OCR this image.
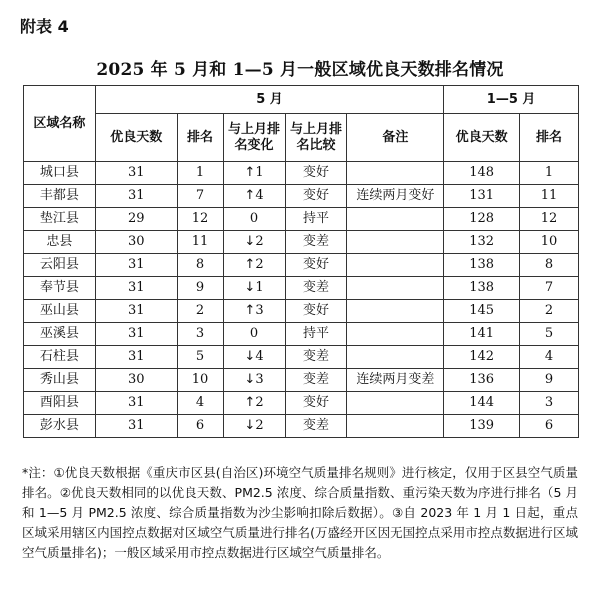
附表 4
2025 年 5 月和 1—5 月一般区域优良天数排名情况
区域名称	5 月					1—5 月	
	优良天数	排名	与上月排名变化	与上月排名比较	备注	优良天数	排名
城口县	31	1	↑1	变好		148	1
丰都县	31	7	↑4	变好	连续两月变好	131	11
垫江县	29	12	0	持平		128	12
忠县	30	11	↓2	变差		132	10
云阳县	31	8	↑2	变好		138	8
奉节县	31	9	↓1	变差		138	7
巫山县	31	2	↑3	变好		145	2
巫溪县	31	3	0	持平		141	5
石柱县	31	5	↓4	变差		142	4
秀山县	30	10	↓3	变差	连续两月变差	136	9
酉阳县	31	4	↑2	变好		144	3
彭水县	31	6	↓2	变差		139	6
*注：①优良天数根据《重庆市区县(自治区)环境空气质量排名规则》进行核定，仅用于区县空气质量排名。②优良天数相同的以优良天数、PM2.5 浓度、综合质量指数、重污染天数为序进行排名（5 月和 1—5 月 PM2.5 浓度、综合质量指数为沙尘影响扣除后数据）。③自 2023 年 1 月 1 日起，重点区域采用辖区内国控点数据对区域空气质量进行排名(万盛经开区因无国控点采用市控点数据进行区域空气质量排名)；一般区域采用市控点数据进行区域空气质量排名。
